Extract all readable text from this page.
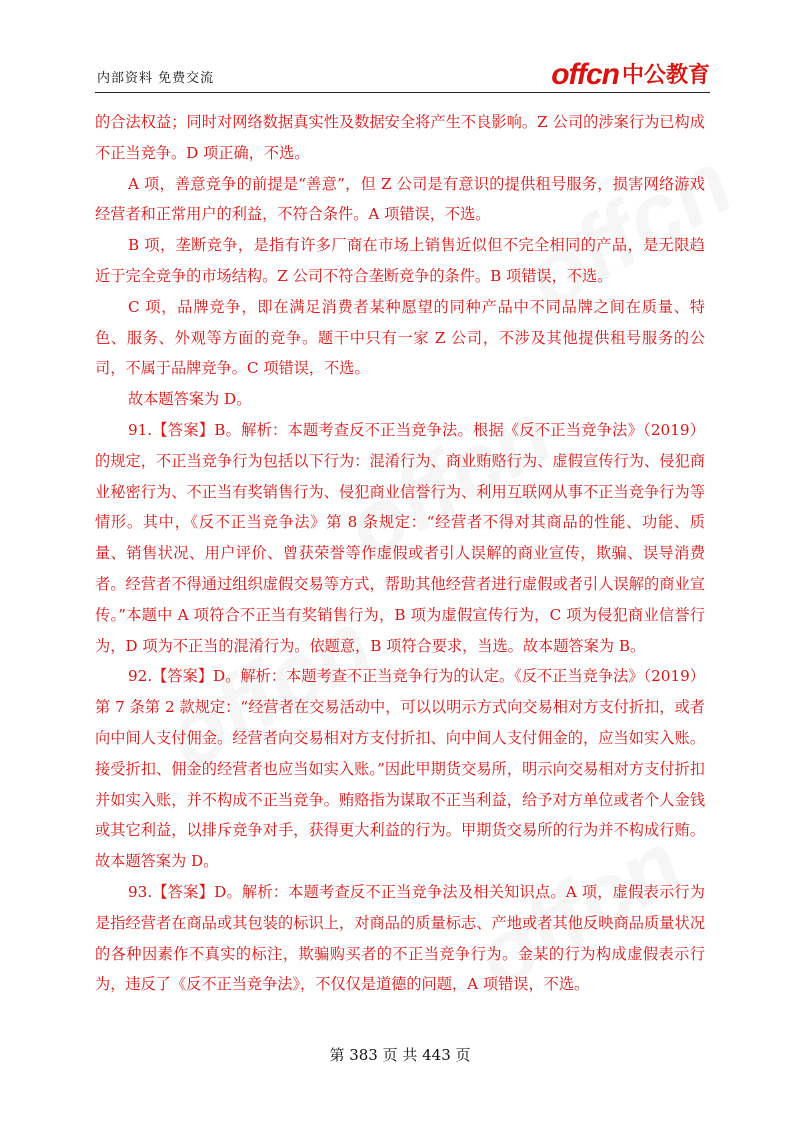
内部资料 免费交流	offcn 中公教育

的合法权益；同时对网络数据真实性及数据安全将产生不良影响。Z 公司的涉案行为已构成不正当竞争。D 项正确，不选。

A 项，善意竞争的前提是“善意”，但 Z 公司是有意识的提供租号服务，损害网络游戏经营者和正常用户的利益，不符合条件。A 项错误，不选。

B 项，垄断竞争，是指有许多厂商在市场上销售近似但不完全相同的产品，是无限趋近于完全竞争的市场结构。Z 公司不符合垄断竞争的条件。B 项错误，不选。

C 项，品牌竞争，即在满足消费者某种愿望的同种产品中不同品牌之间在质量、特色、服务、外观等方面的竞争。题干中只有一家 Z 公司，不涉及其他提供租号服务的公司，不属于品牌竞争。C 项错误，不选。

故本题答案为 D。

91.【答案】B。解析：本题考查反不正当竞争法。根据《反不正当竞争法》（2019）的规定，不正当竞争行为包括以下行为：混淆行为、商业贿赂行为、虚假宣传行为、侵犯商业秘密行为、不正当有奖销售行为、侵犯商业信誉行为、利用互联网从事不正当竞争行为等情形。其中，《反不正当竞争法》第 8 条规定：“经营者不得对其商品的性能、功能、质量、销售状况、用户评价、曾获荣誉等作虚假或者引人误解的商业宣传，欺骗、误导消费者。经营者不得通过组织虚假交易等方式，帮助其他经营者进行虚假或者引人误解的商业宣传。”本题中 A 项符合不正当有奖销售行为，B 项为虚假宣传行为，C 项为侵犯商业信誉行为，D 项为不正当的混淆行为。依题意，B 项符合要求，当选。故本题答案为 B。

92.【答案】D。解析：本题考查不正当竞争行为的认定。《反不正当竞争法》（2019）第 7 条第 2 款规定：“经营者在交易活动中，可以以明示方式向交易相对方支付折扣，或者向中间人支付佣金。经营者向交易相对方支付折扣、向中间人支付佣金的，应当如实入账。接受折扣、佣金的经营者也应当如实入账。”因此甲期货交易所，明示向交易相对方支付折扣并如实入账，并不构成不正当竞争。贿赂指为谋取不正当利益，给予对方单位或者个人金钱或其它利益，以排斥竞争对手，获得更大利益的行为。甲期货交易所的行为并不构成行贿。故本题答案为 D。

93.【答案】D。解析：本题考查反不正当竞争法及相关知识点。A 项，虚假表示行为是指经营者在商品或其包装的标识上，对商品的质量标志、产地或者其他反映商品质量状况的各种因素作不真实的标注，欺骗购买者的不正当竞争行为。金某的行为构成虚假表示行为，违反了《反不正当竞争法》，不仅仅是道德的问题，A 项错误，不选。

第 383 页 共 443 页
